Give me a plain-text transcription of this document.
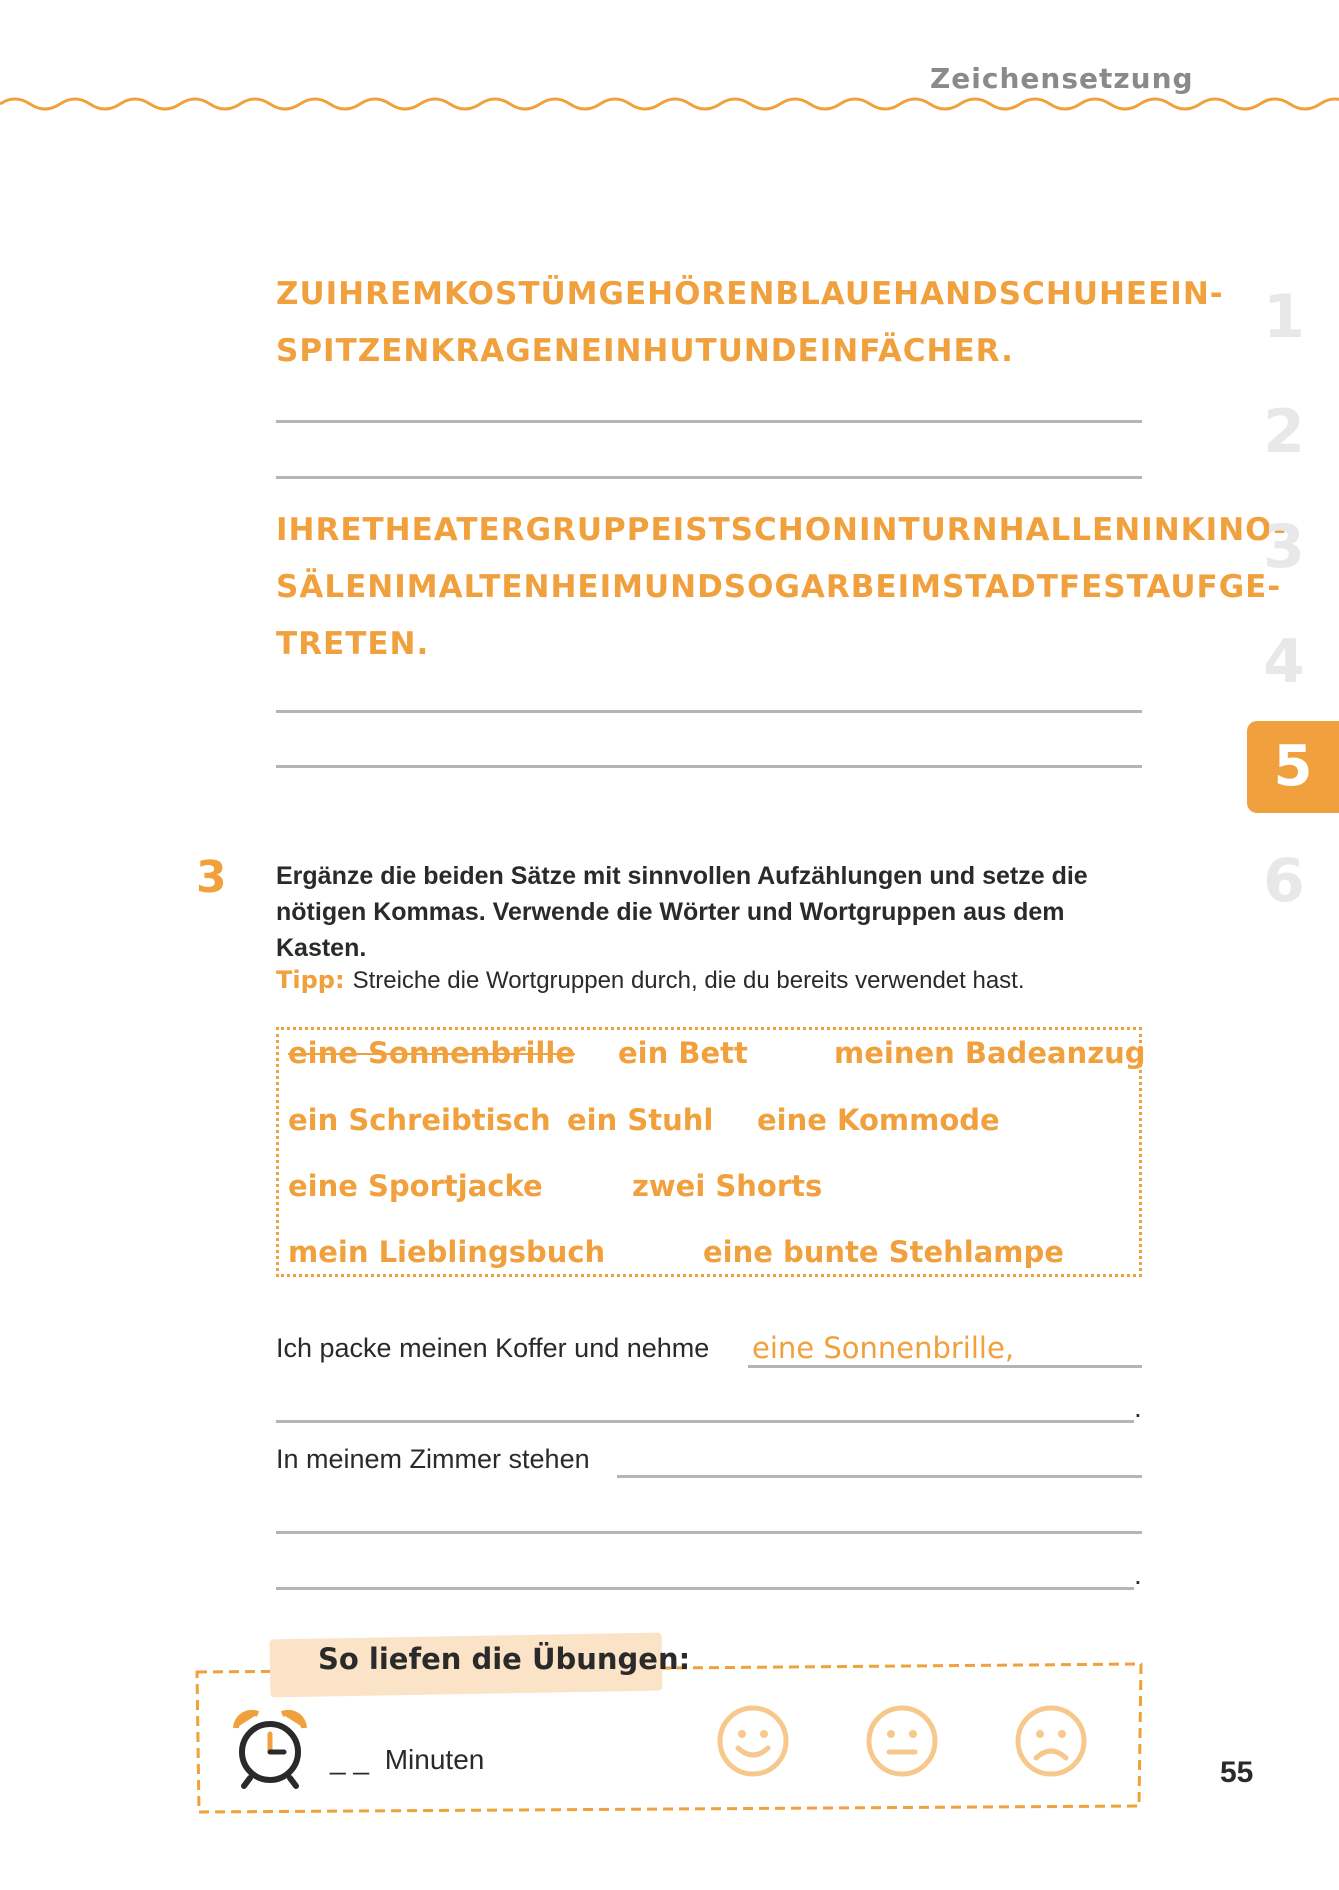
Zeichensetzung
ZUIHREMKOSTÜMGEHÖRENBLAUEHANDSCHUHEEIN-
SPITZENKRAGENEINHUTUNDEINFÄCHER.
IHRETHEATERGRUPPEISTSCHONINTURNHALLENINKINO-
SÄLENIMALTENHEIMUNDSOGARBEIMSTADTFESTAUFGE-
TRETEN.
1
2
3
4
5
6
3 Ergänze die beiden Sätze mit sinnvollen Aufzählungen und setze die nötigen Kommas. Verwende die Wörter und Wortgruppen aus dem Kasten.
Tipp: Streiche die Wortgruppen durch, die du bereits verwendet hast.
eine Sonnenbrille ein Bett	meinen Badeanzug
ein Schreibtisch ein Stuhl eine Kommode
eine Sportjacke	zwei Shorts
mein Lieblingsbuch	eine bunte Stehlampe
Ich packe meinen Koffer und nehme eine Sonnenbrille,
.
In meinem Zimmer stehen
.
So liefen die Übungen:
_ _ Minuten	55
